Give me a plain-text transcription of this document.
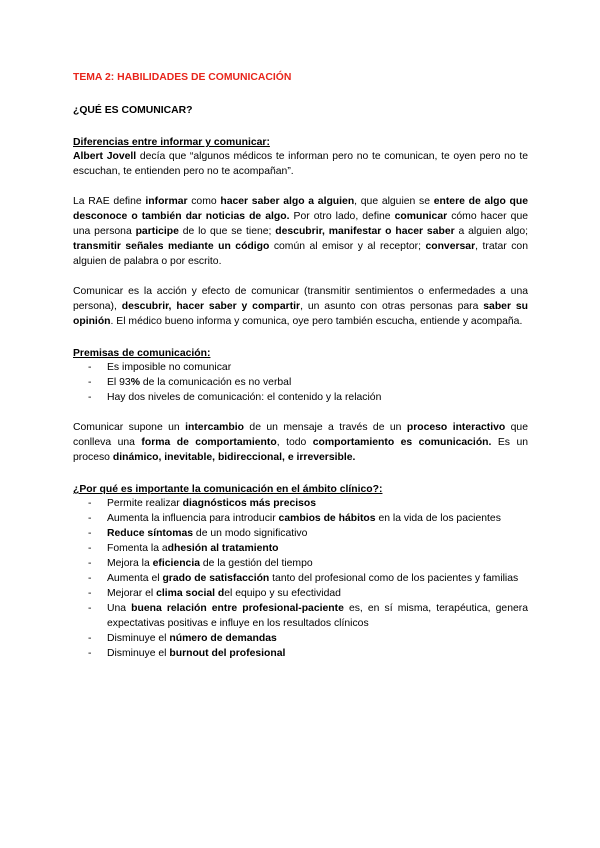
TEMA 2: HABILIDADES DE COMUNICACIÓN
¿QUÉ ES COMUNICAR?
Diferencias entre informar y comunicar:

Albert Jovell decía que “algunos médicos te informan pero no te comunican, te oyen pero no te escuchan, te entienden pero no te acompañan”.

La RAE define informar como hacer saber algo a alguien, que alguien se entere de algo que desconoce o también dar noticias de algo. Por otro lado, define comunicar cómo hacer que una persona participe de lo que se tiene; descubrir, manifestar o hacer saber a alguien algo; transmitir señales mediante un código común al emisor y al receptor; conversar, tratar con alguien de palabra o por escrito.

Comunicar es la acción y efecto de comunicar (transmitir sentimientos o enfermedades a una persona), descubrir, hacer saber y compartir, un asunto con otras personas para saber su opinión. El médico bueno informa y comunica, oye pero también escucha, entiende y acompaña.

Premisas de comunicación:
- Es imposible no comunicar
- El 93% de la comunicación es no verbal
- Hay dos niveles de comunicación: el contenido y la relación

Comunicar supone un intercambio de un mensaje a través de un proceso interactivo que conlleva una forma de comportamiento, todo comportamiento es comunicación. Es un proceso dinámico, inevitable, bidireccional, e irreversible.

¿Por qué es importante la comunicación en el ámbito clínico?:
- Permite realizar diagnósticos más precisos
- Aumenta la influencia para introducir cambios de hábitos en la vida de los pacientes
- Reduce síntomas de un modo significativo
- Fomenta la adhesión al tratamiento
- Mejora la eficiencia de la gestión del tiempo
- Aumenta el grado de satisfacción tanto del profesional como de los pacientes y familias
- Mejorar el clima social del equipo y su efectividad
- Una buena relación entre profesional-paciente es, en sí misma, terapéutica, genera expectativas positivas e influye en los resultados clínicos
- Disminuye el número de demandas
- Disminuye el burnout del profesional
